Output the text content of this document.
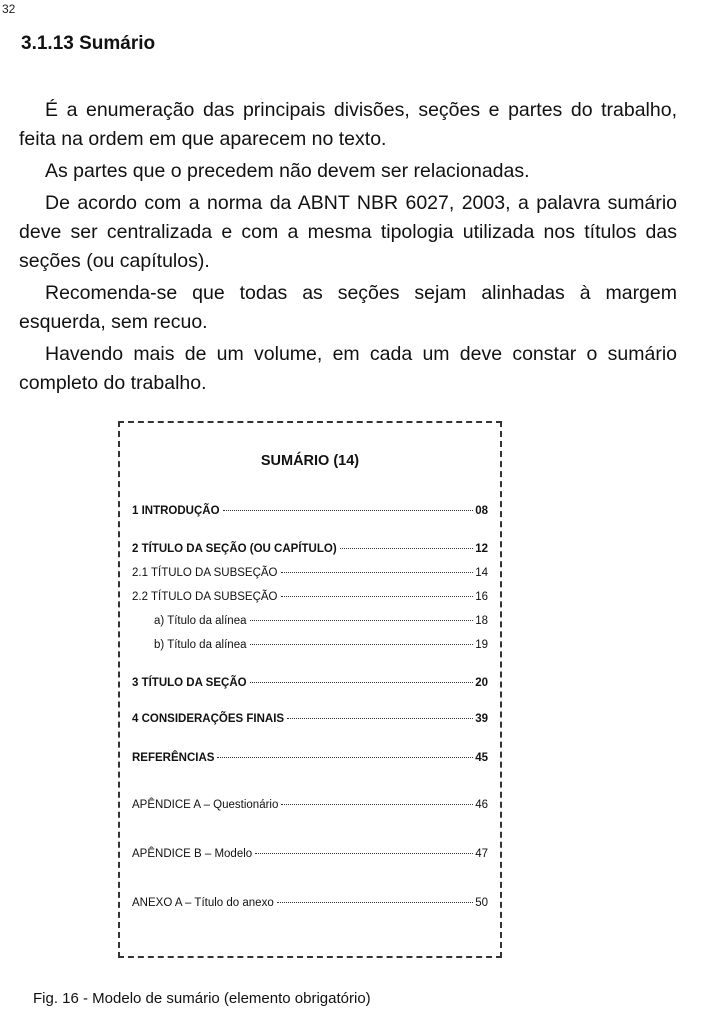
32
3.1.13 Sumário

É a enumeração das principais divisões, seções e partes do trabalho, feita na ordem em que aparecem no texto.

As partes que o precedem não devem ser relacionadas.

De acordo com a norma da ABNT NBR 6027, 2003, a palavra sumário deve ser centralizada e com a mesma tipologia utilizada nos títulos das seções (ou capítulos).

Recomenda-se que todas as seções sejam alinhadas à margem esquerda, sem recuo.

Havendo mais de um volume, em cada um deve constar o sumário completo do trabalho.

SUMÁRIO (14)
1 INTRODUÇÃO	08
2 TÍTULO DA SEÇÃO (OU CAPÍTULO)	12
2.1 TÍTULO DA SUBSEÇÃO	14
2.2 TÍTULO DA SUBSEÇÃO	16
a) Título da alínea	18
b) Título da alínea	19
3 TÍTULO DA SEÇÃO	20
4 CONSIDERAÇÕES FINAIS	39
REFERÊNCIAS	45
APÊNDICE A – Questionário	46
APÊNDICE B – Modelo	47
ANEXO A – Título do anexo	50

Fig. 16 - Modelo de sumário (elemento obrigatório)
